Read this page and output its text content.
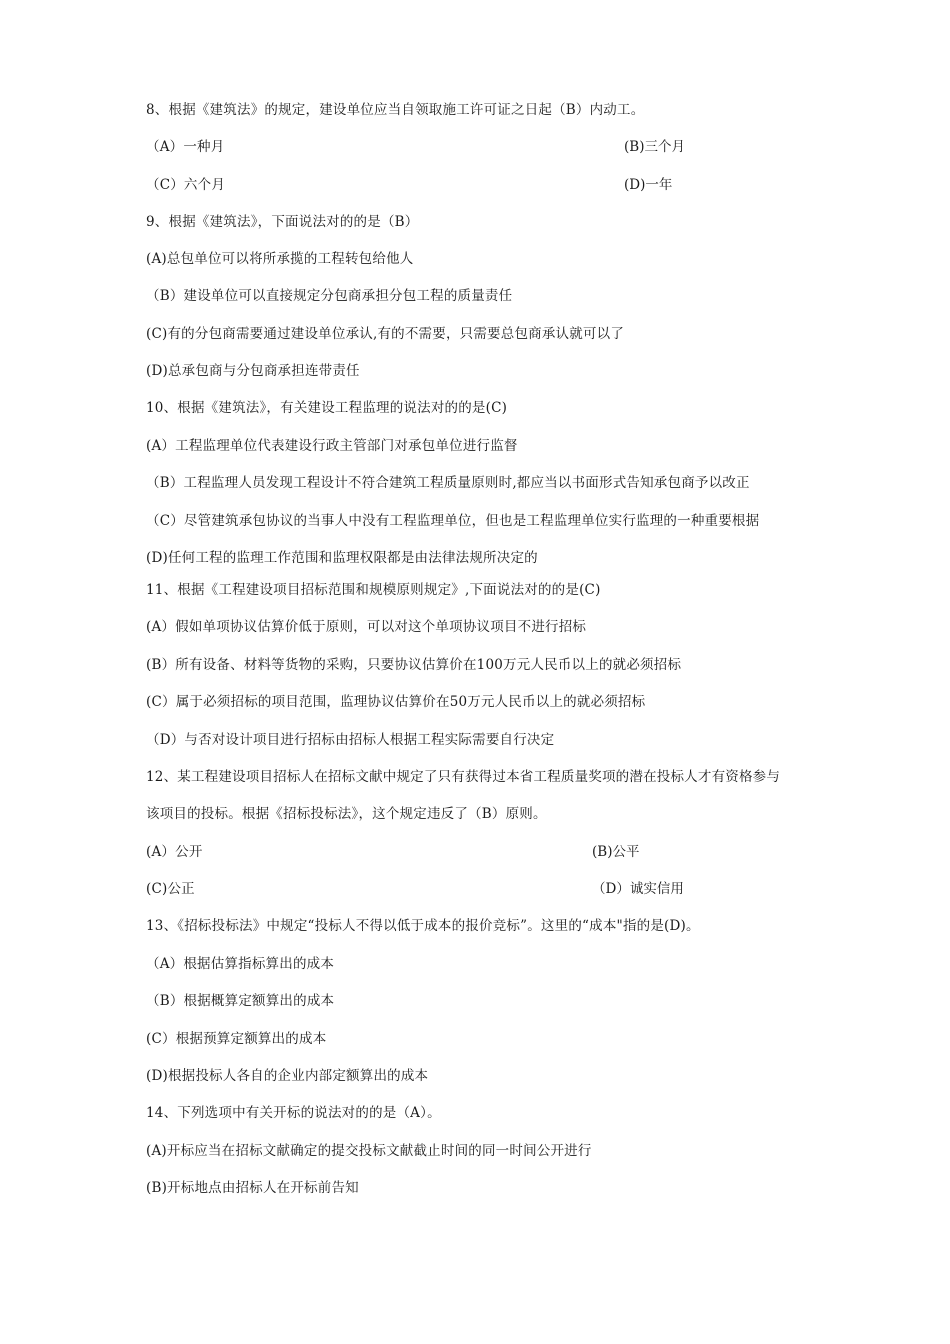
8、根据《建筑法》的规定，建设单位应当自领取施工许可证之日起（B）内动工。
（A）一种月	(B)三个月
（C）六个月	(D)一年
9、根据《建筑法》，下面说法对的的是（B）
(A)总包单位可以将所承揽的工程转包给他人
（B）建设单位可以直接规定分包商承担分包工程的质量责任
(C)有的分包商需要通过建设单位承认,有的不需要，只需要总包商承认就可以了
(D)总承包商与分包商承担连带责任
10、根据《建筑法》，有关建设工程监理的说法对的的是(C)
(A）工程监理单位代表建设行政主管部门对承包单位进行监督
（B）工程监理人员发现工程设计不符合建筑工程质量原则时,都应当以书面形式告知承包商予以改正
（C）尽管建筑承包协议的当事人中没有工程监理单位，但也是工程监理单位实行监理的一种重要根据
(D)任何工程的监理工作范围和监理权限都是由法律法规所决定的
11、根据《工程建设项目招标范围和规模原则规定》,下面说法对的的是(C)
(A）假如单项协议估算价低于原则，可以对这个单项协议项目不进行招标
(B）所有设备、材料等货物的采购，只要协议估算价在100万元人民币以上的就必须招标
(C）属于必须招标的项目范围，监理协议估算价在50万元人民币以上的就必须招标
（D）与否对设计项目进行招标由招标人根据工程实际需要自行决定
12、某工程建设项目招标人在招标文献中规定了只有获得过本省工程质量奖项的潜在投标人才有资格参与
该项目的投标。根据《招标投标法》，这个规定违反了（B）原则。
(A）公开	(B)公平
(C)公正	（D）诚实信用
13、《招标投标法》中规定“投标人不得以低于成本的报价竞标”。这里的“成本"指的是(D)。
（A）根据估算指标算出的成本
（B）根据概算定额算出的成本
(C）根据预算定额算出的成本
(D)根据投标人各自的企业内部定额算出的成本
14、下列选项中有关开标的说法对的的是（A）。
(A)开标应当在招标文献确定的提交投标文献截止时间的同一时间公开进行
(B)开标地点由招标人在开标前告知
